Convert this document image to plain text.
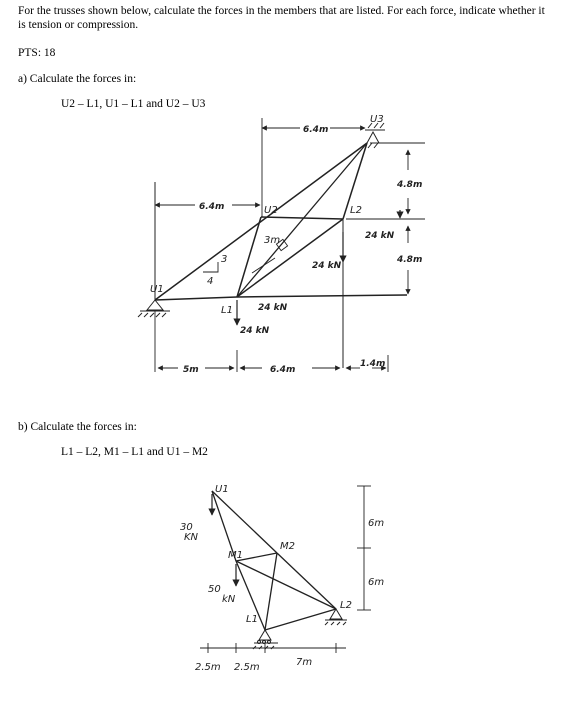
For the trusses shown below, calculate the forces in the members that are listed. For each force, indicate whether it is tension or compression.
PTS: 18
a) Calculate the forces in:
U2 – L1, U1 – L1 and U2 – U3
b) Calculate the forces in:
L1 – L2, M1 – L1 and U1 – M2
U1
U2
U3
L1
L2
6.4m
6.4m
4.8m
4.8m
24 kN
24 kN
24 kN
24 kN
3
4
3m
5m	6.4m
1.4m
U1
M1
M2
L1
L2
30
KN
50
kN
6m
6m
2.5m 2.5m	7m
